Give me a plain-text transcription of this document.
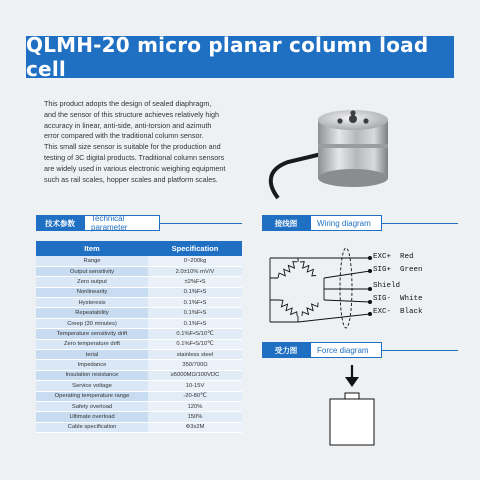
QLMH-20 micro planar column load cell

This product adopts the design of sealed diaphragm,

and the sensor of this structure achieves relatively high

accuracy in linear, anti-side, anti-torsion and azimuth

error compared with the traditional column sensor.

This small size sensor is suitable for the production and

testing of 3C digital products. Traditional column sensors

are widely used in various electronic weighing equipment

such as rail scales, hopper scales and platform scales.

技术参数	Technical parameter
Item	Specification
Range	0~200kg
Output sensitivity	2.0±10% mV/V
Zero output	±2%F•S
Nonlinearity	0.1%F•S
Hysteresis	0.1%F•S
Repeatability	0.1%F•S
Creep (30 minutes)	0.1%F•S
Temperature sensitivity drift	0.1%F•S/10℃
Zero temperature drift	0.1%F•S/10℃
terial	stainless steel
Impedance	350/700Ω
Insulation resistance	≥5000MΩ/100VDC
Service voltage	10-15V
Operating temperature range	-20-80℃
Safety overload	120%
Ultimate overload	150%
Cable specification	Φ3x2M
接线图	Wiring diagram
EXC+  Red
SIG+  Green
Shield
SIG-  White
EXC-  Black
受力图	Force diagram
